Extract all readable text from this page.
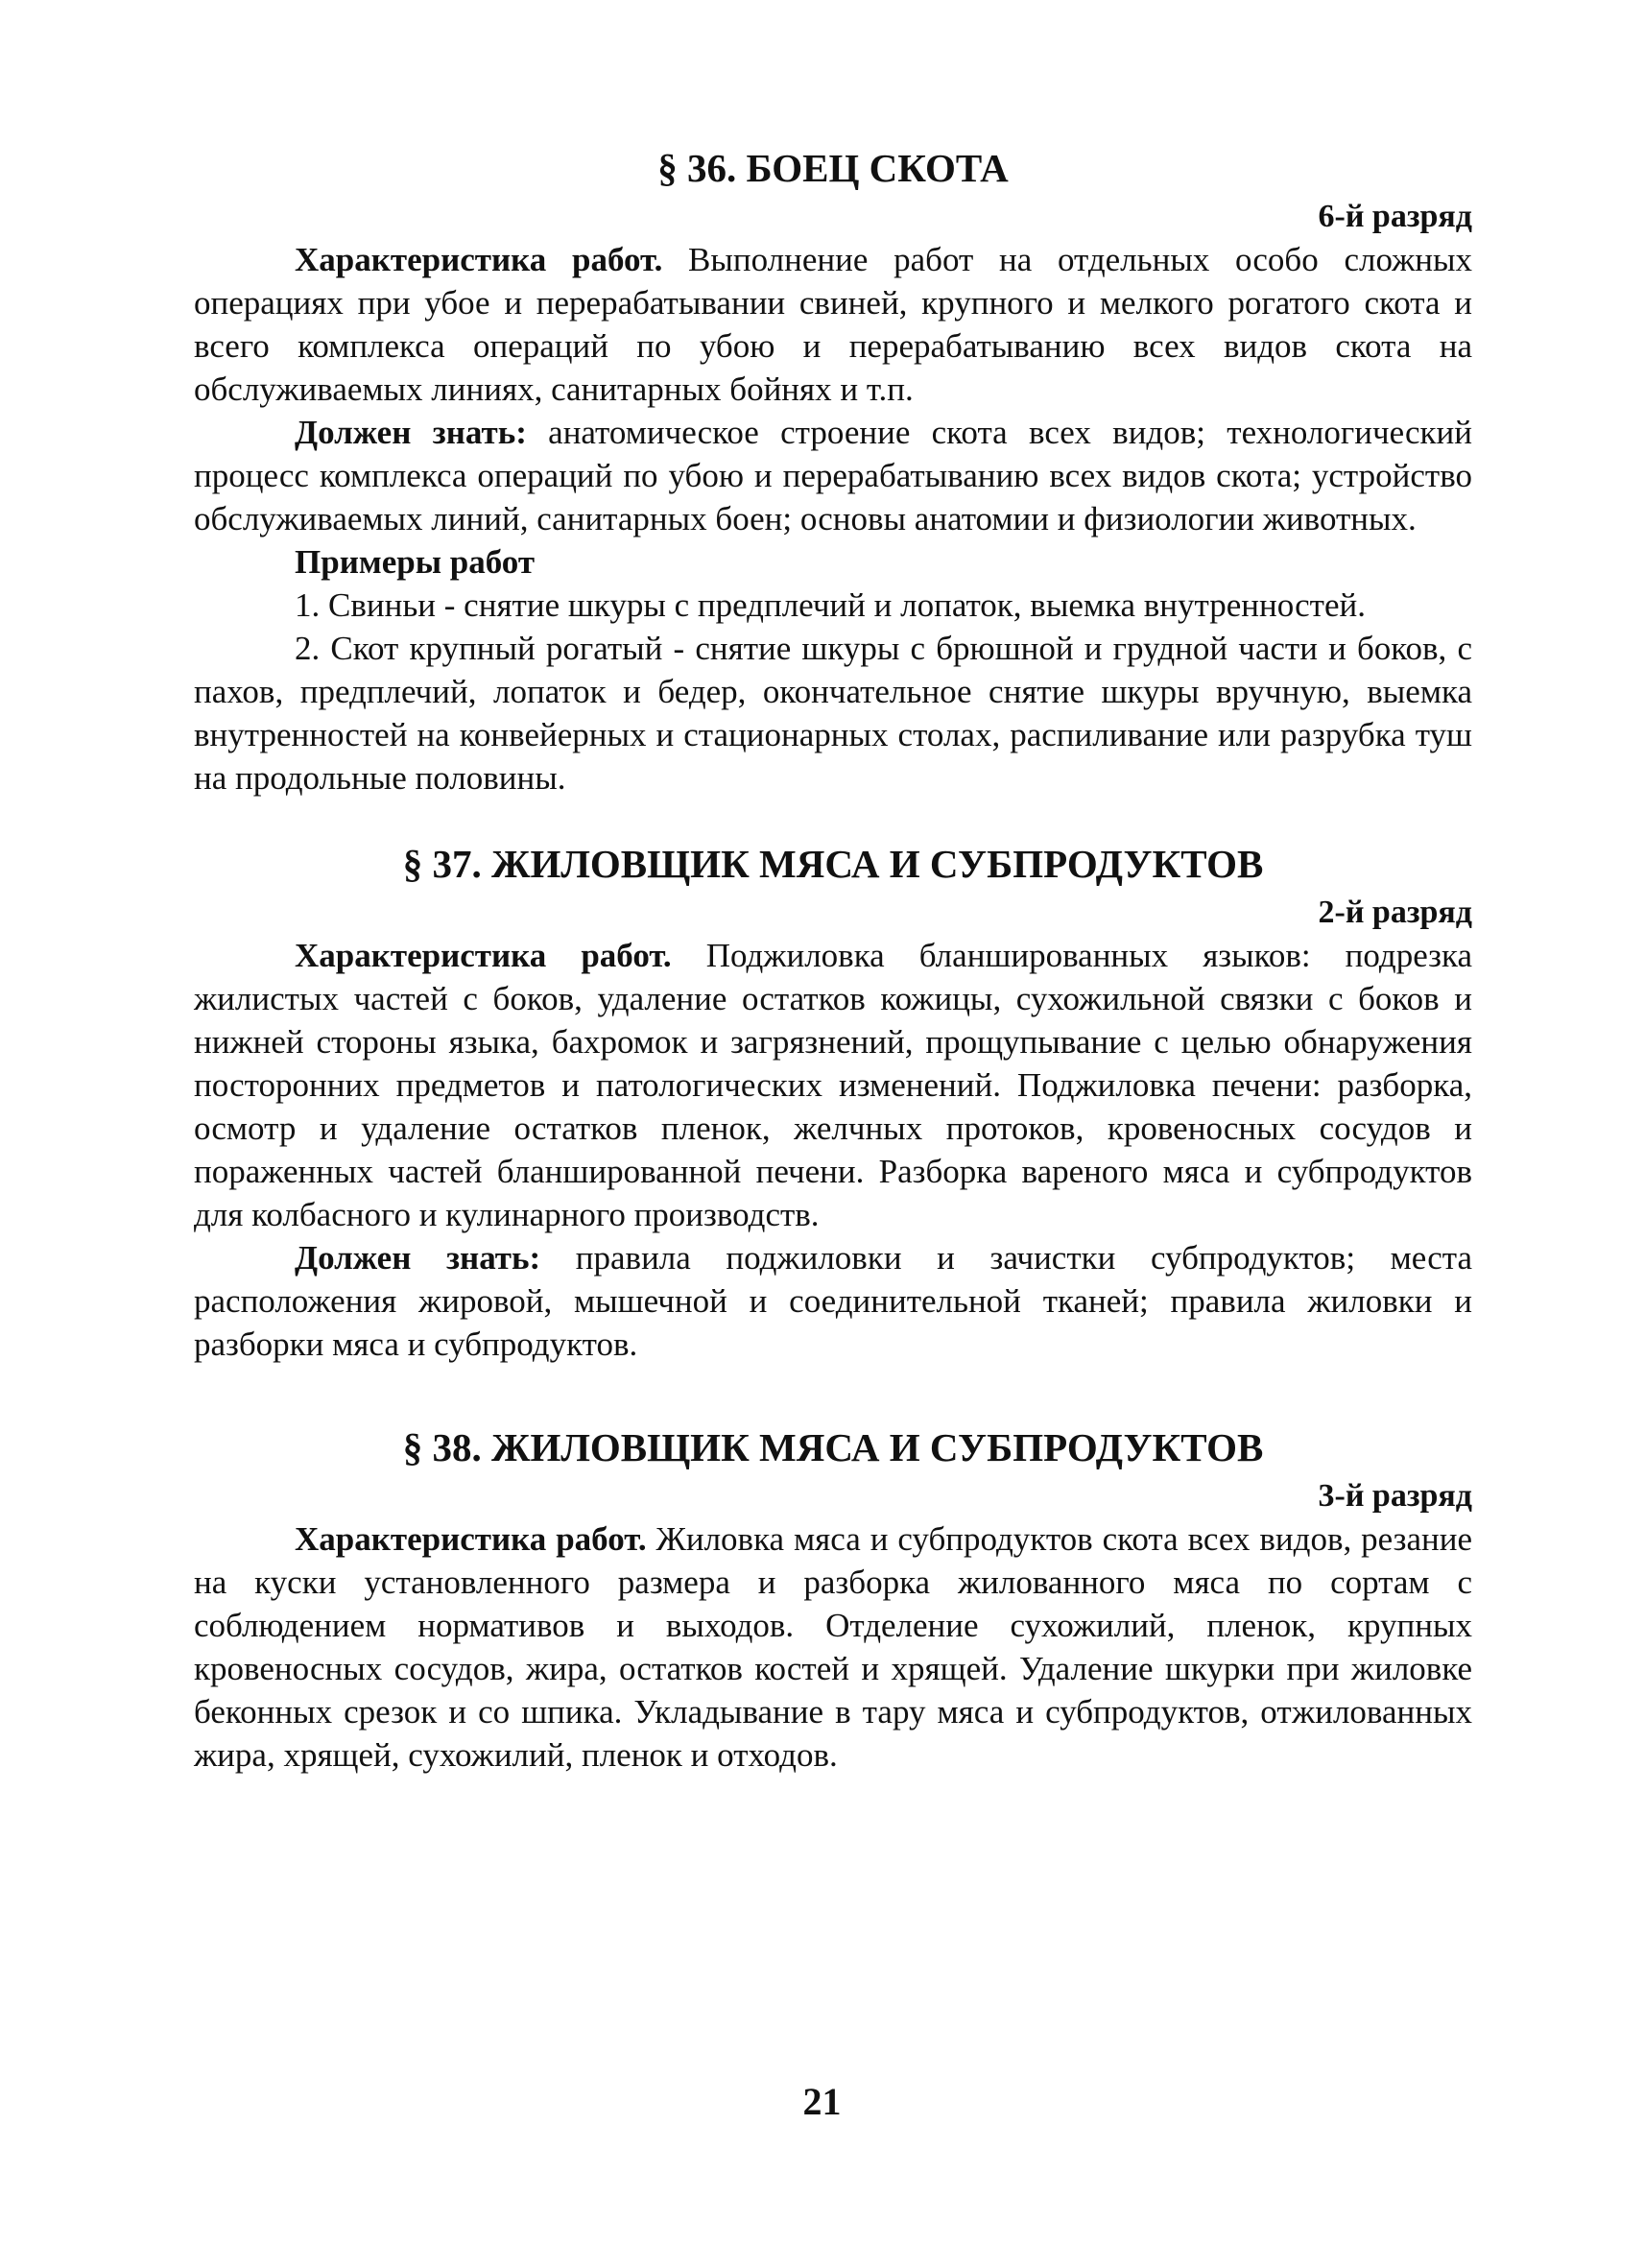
§ 36. БОЕЦ СКОТА

6-й разряд

Характеристика работ. Выполнение работ на отдельных особо сложных операциях при убое и перерабатывании свиней, крупного и мелкого рогатого скота и всего комплекса операций по убою и перерабатыванию всех видов скота на обслуживаемых линиях, санитарных бойнях и т.п.

Должен знать: анатомическое строение скота всех видов; технологический процесс комплекса операций по убою и перерабатыванию всех видов скота; устройство обслуживаемых линий, санитарных боен; основы анатомии и физиологии животных.

Примеры работ

1. Свиньи - снятие шкуры с предплечий и лопаток, выемка внутренностей.

2. Скот крупный рогатый - снятие шкуры с брюшной и грудной части и боков, с пахов, предплечий, лопаток и бедер, окончательное снятие шкуры вручную, выемка внутренностей на конвейерных и стационарных столах, распиливание или разрубка туш на продольные половины.

§ 37. ЖИЛОВЩИК МЯСА И СУБПРОДУКТОВ

2-й разряд

Характеристика работ. Поджиловка бланшированных языков: подрезка жилистых частей с боков, удаление остатков кожицы, сухожильной связки с боков и нижней стороны языка, бахромок и загрязнений, прощупывание с целью обнаружения посторонних предметов и патологических изменений. Поджиловка печени: разборка, осмотр и удаление остатков пленок, желчных протоков, кровеносных сосудов и пораженных частей бланшированной печени. Разборка вареного мяса и субпродуктов для колбасного и кулинарного производств.

Должен знать: правила поджиловки и зачистки субпродуктов; места расположения жировой, мышечной и соединительной тканей; правила жиловки и разборки мяса и субпродуктов.

§ 38. ЖИЛОВЩИК МЯСА И СУБПРОДУКТОВ

3-й разряд

Характеристика работ. Жиловка мяса и субпродуктов скота всех видов, резание на куски установленного размера и разборка жилованного мяса по сортам с соблюдением нормативов и выходов. Отделение сухожилий, пленок, крупных кровеносных сосудов, жира, остатков костей и хрящей. Удаление шкурки при жиловке беконных срезок и со шпика. Укладывание в тару мяса и субпродуктов, отжилованных жира, хрящей, сухожилий, пленок и отходов.

21
